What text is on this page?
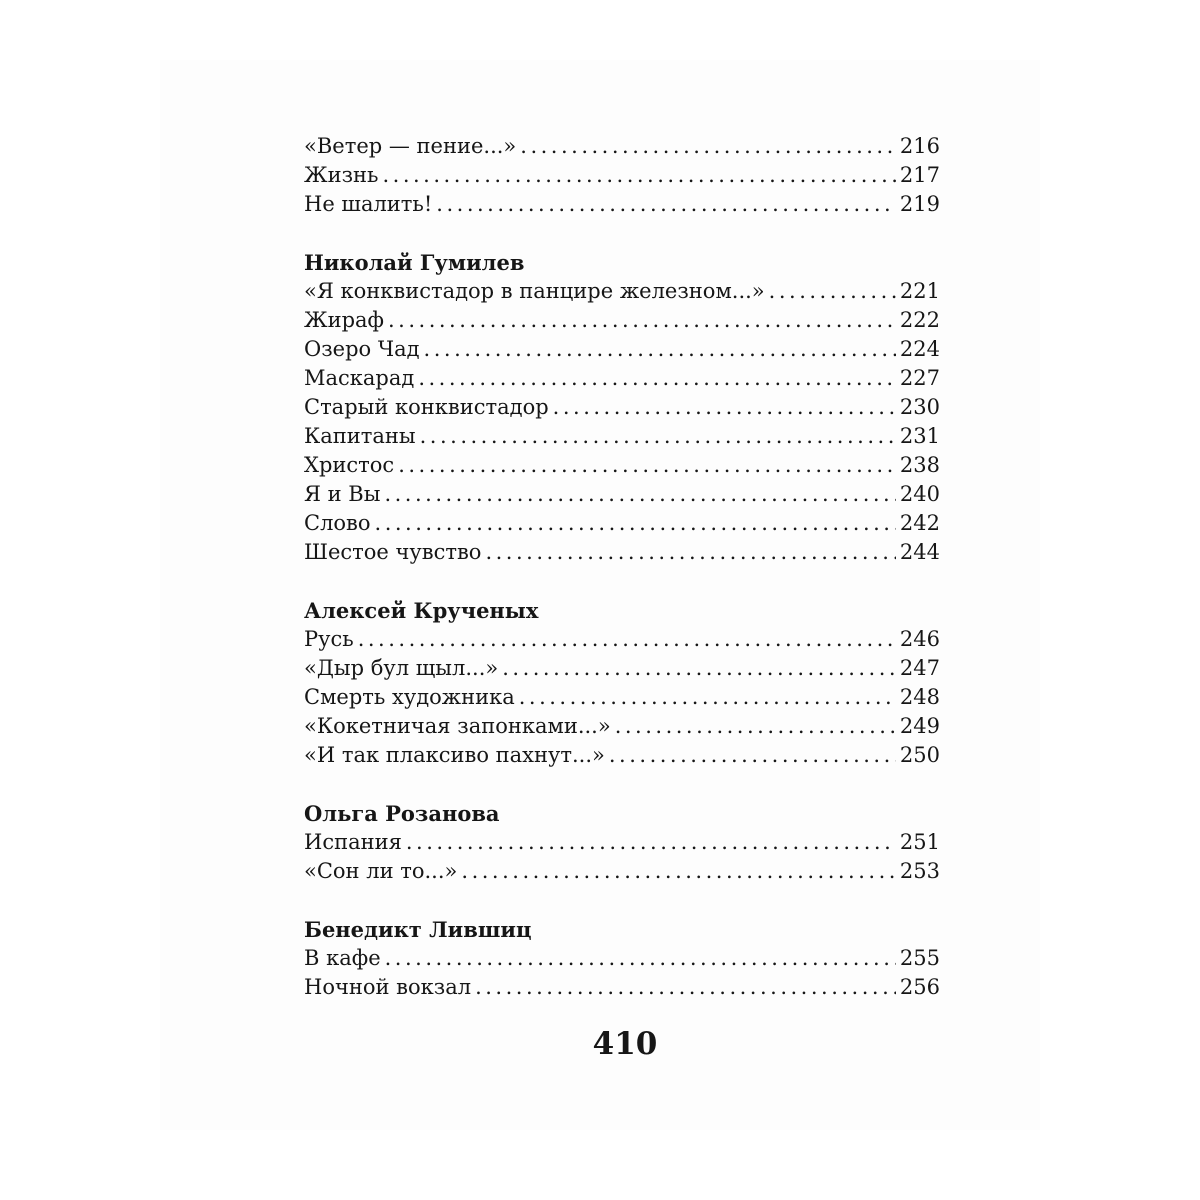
«Ветер — пение...» .....	216
Жизнь .....	217
Не шалить! .....	219
Николай Гумилев
«Я конквистадор в панцире железном...» .....	221
Жираф .....	222
Озеро Чад .....	224
Маскарад .....	227
Старый конквистадор .....	230
Капитаны .....	231
Христос .....	238
Я и Вы .....	240
Слово .....	242
Шестое чувство .....	244
Алексей Крученых
Русь .....	246
«Дыр бул щыл...» .....	247
Смерть художника .....	248
«Кокетничая запонками...» .....	249
«И так плаксиво пахнут...» .....	250
Ольга Розанова
Испания .....	251
«Сон ли то...» .....	253
Бенедикт Лившиц
В кафе .....	255
Ночной вокзал .....	256
410
